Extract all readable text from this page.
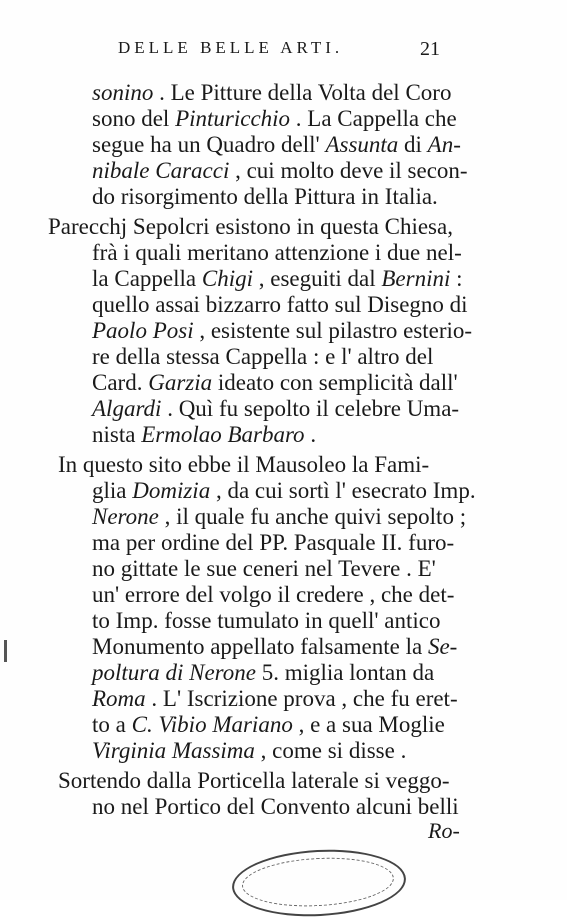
DELLE BELLE ARTI.	21
sonino . Le Pitture della Volta del Coro
sono del Pinturicchio . La Cappella che
segue ha un Quadro dell' Assunta di An-
nibale Caracci , cui molto deve il secon-
do risorgimento della Pittura in Italia.
Parecchj Sepolcri esistono in questa Chiesa,
frà i quali meritano attenzione i due nel-
la Cappella Chigi , eseguiti dal Bernini :
quello assai bizzarro fatto sul Disegno di
Paolo Posi , esistente sul pilastro esterio-
re della stessa Cappella : e l' altro del
Card. Garzia ideato con semplicità dall'
Algardi . Quì fu sepolto il celebre Uma-
nista Ermolao Barbaro .
In questo sito ebbe il Mausoleo la Fami-
glia Domizia , da cui sortì l' esecrato Imp.
Nerone , il quale fu anche quivi sepolto ;
ma per ordine del PP. Pasquale II. furo-
no gittate le sue ceneri nel Tevere . E'
un' errore del volgo il credere , che det-
to Imp. fosse tumulato in quell' antico
Monumento appellato falsamente la Se-
poltura di Nerone 5. miglia lontan da
Roma . L' Iscrizione prova , che fu eret-
to a C. Vibio Mariano , e a sua Moglie
Virginia Massima , come si disse .
Sortendo dalla Porticella laterale si veggo-
no nel Portico del Convento alcuni belli
Ro-
